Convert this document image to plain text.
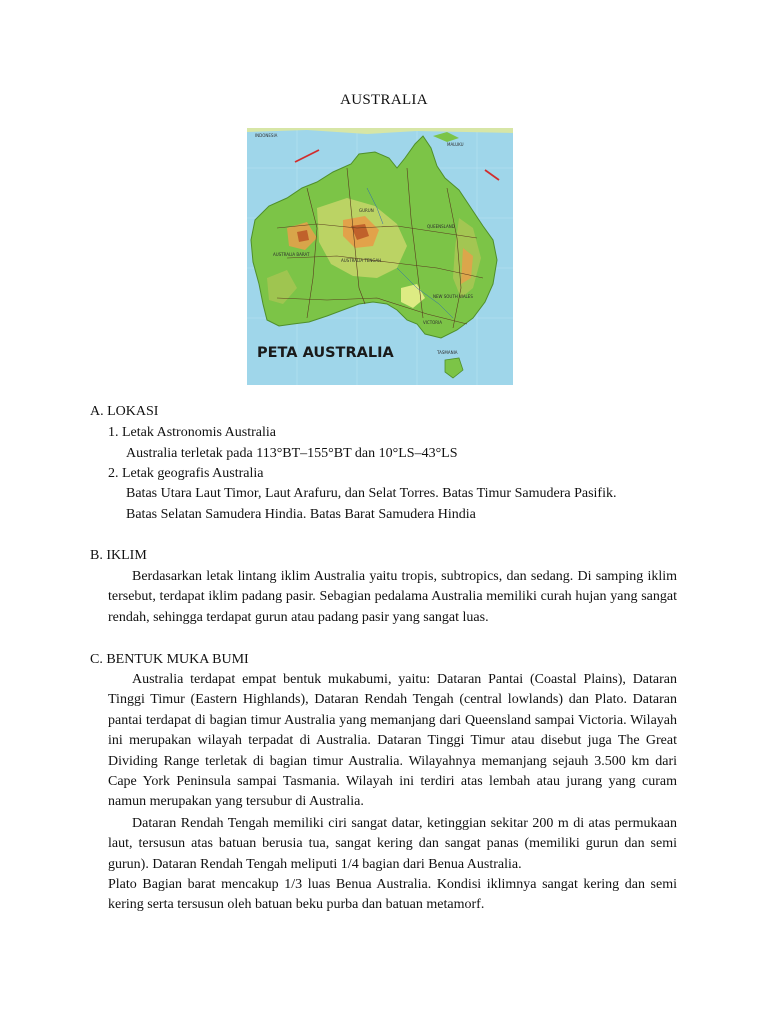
AUSTRALIA
INDONESIA
MALUKU
GURUN
QUEENSLAND
NEW SOUTH WALES
VICTORIA
AUSTRALIA BARAT
AUSTRALIA TENGAH
TASMANIA
PETA AUSTRALIA
A. LOKASI
1. Letak Astronomis Australia
Australia terletak pada 113°BT–155°BT dan 10°LS–43°LS
2. Letak geografis Australia
Batas Utara Laut Timor, Laut Arafuru, dan Selat Torres. Batas Timur Samudera Pasifik.
Batas Selatan Samudera Hindia. Batas Barat Samudera Hindia
B. IKLIM
Berdasarkan letak lintang iklim Australia yaitu tropis, subtropics, dan sedang. Di samping iklim tersebut, terdapat iklim padang pasir. Sebagian pedalama Australia memiliki curah hujan yang sangat rendah, sehingga terdapat gurun atau padang pasir yang sangat luas.
C. BENTUK MUKA BUMI
Australia terdapat empat bentuk mukabumi, yaitu: Dataran Pantai (Coastal Plains), Dataran Tinggi Timur (Eastern Highlands), Dataran Rendah Tengah (central lowlands) dan Plato. Dataran pantai terdapat di bagian timur Australia yang memanjang dari Queensland sampai Victoria. Wilayah ini merupakan wilayah terpadat di Australia. Dataran Tinggi Timur atau disebut juga The Great Dividing Range terletak di bagian timur Australia. Wilayahnya memanjang sejauh 3.500 km dari Cape York Peninsula sampai Tasmania. Wilayah ini terdiri atas lembah atau jurang yang curam namun merupakan yang tersubur di Australia.
Dataran Rendah Tengah memiliki ciri sangat datar, ketinggian sekitar 200 m di atas permukaan laut, tersusun atas batuan berusia tua, sangat kering dan sangat panas (memiliki gurun dan semi gurun). Dataran Rendah Tengah meliputi 1/4 bagian dari Benua Australia.
Plato Bagian barat mencakup 1/3 luas Benua Australia. Kondisi iklimnya sangat kering dan semi kering serta tersusun oleh batuan beku purba dan batuan metamorf.
